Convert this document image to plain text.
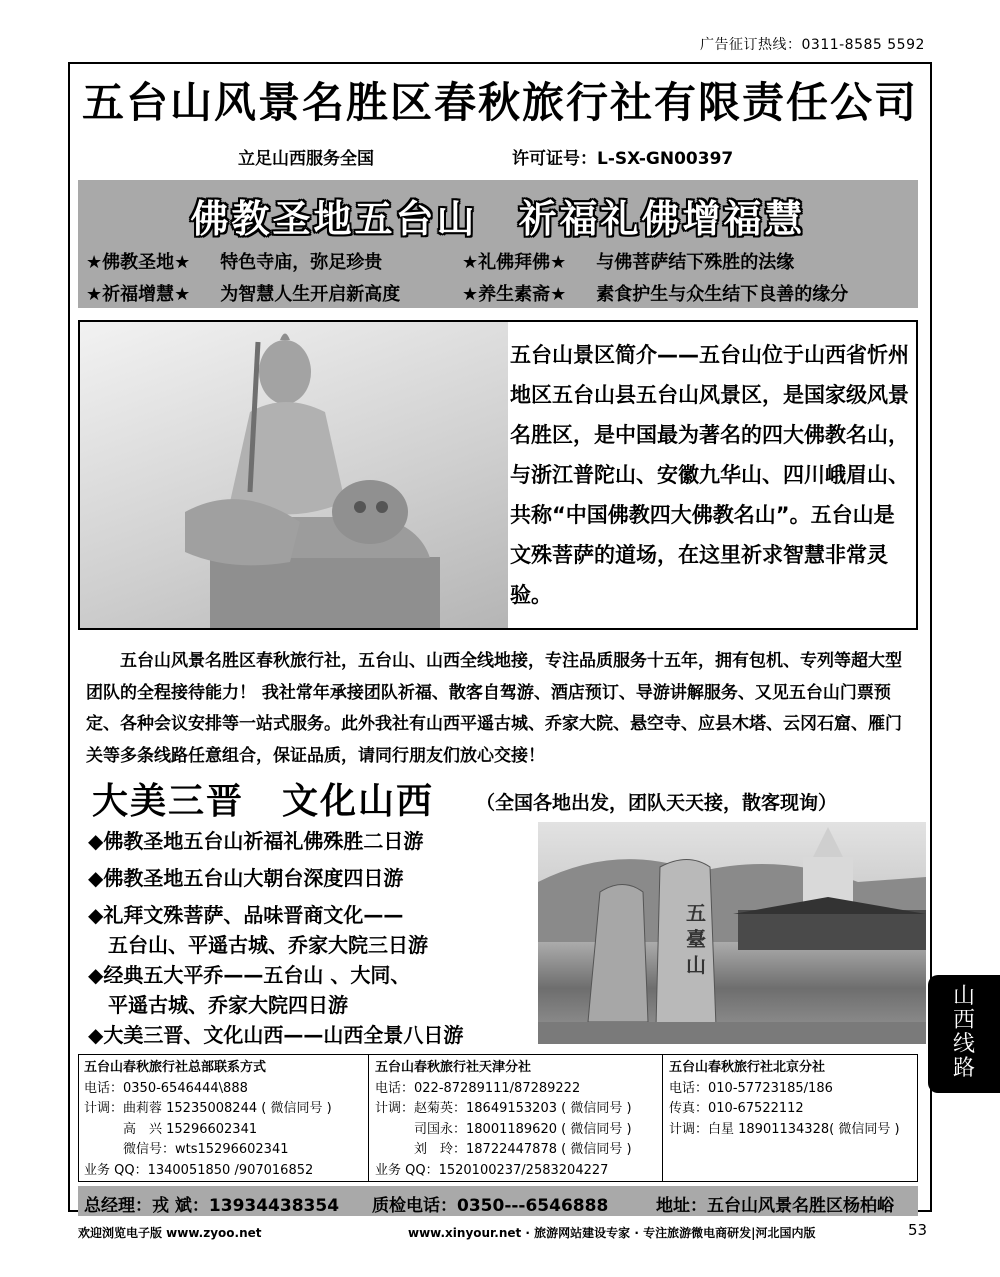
广告征订热线：0311-8585 5592
五台山风景名胜区春秋旅行社有限责任公司
立足山西服务全国	许可证号：L-SX-GN00397
佛教圣地五台山　祈福礼佛增福慧
★佛教圣地★ 特色寺庙，弥足珍贵	★礼佛拜佛★ 与佛菩萨结下殊胜的法缘
★祈福增慧★ 为智慧人生开启新高度	★养生素斋★ 素食护生与众生结下良善的缘分
五台山景区简介——五台山位于山西省忻州地区五台山县五台山风景区，是国家级风景名胜区，是中国最为著名的四大佛教名山，与浙江普陀山、安徽九华山、四川峨眉山、共称“中国佛教四大佛教名山”。五台山是文殊菩萨的道场，在这里祈求智慧非常灵验。
五台山风景名胜区春秋旅行社，五台山、山西全线地接，专注品质服务十五年，拥有包机、专列等超大型团队的全程接待能力！ 我社常年承接团队祈福、散客自驾游、酒店预订、导游讲解服务、又见五台山门票预定、各种会议安排等一站式服务。此外我社有山西平遥古城、乔家大院、悬空寺、应县木塔、云冈石窟、雁门关等多条线路任意组合，保证品质，请同行朋友们放心交接！
大美三晋　文化山西 （全国各地出发，团队天天接，散客现询）
◆佛教圣地五台山祈福礼佛殊胜二日游
◆佛教圣地五台山大朝台深度四日游
◆礼拜文殊菩萨、品味晋商文化——
　五台山、平遥古城、乔家大院三日游
◆经典五大平乔——五台山 、大同、
　平遥古城、乔家大院四日游
◆大美三晋、文化山西——山西全景八日游
五臺山
五台山春秋旅行社总部联系方式
电话：0350-6546444\888
计调：曲莉蓉 15235008244 ( 微信同号 )
　　　高　兴 15296602341
　　　微信号：wts15296602341
业务 QQ：1340051850 /907016852
五台山春秋旅行社天津分社
电话：022-87289111/87289222
计调：赵菊英：18649153203 ( 微信同号 )
　　　司国永：18001189620 ( 微信同号 )
　　　刘　玲：18722447878 ( 微信同号 )
业务 QQ：1520100237/2583204227
五台山春秋旅行社北京分社
电话：010-57723185/186
传真：010-67522112
计调：白星 18901134328( 微信同号 )
总经理：戎 斌：13934438354 质检电话：0350---6546888	地址：五台山风景名胜区杨柏峪
欢迎浏览电子版 www.zyoo.net	www.xinyour.net · 旅游网站建设专家 · 专注旅游微电商研发|河北国内版	53
山
西
线
路
